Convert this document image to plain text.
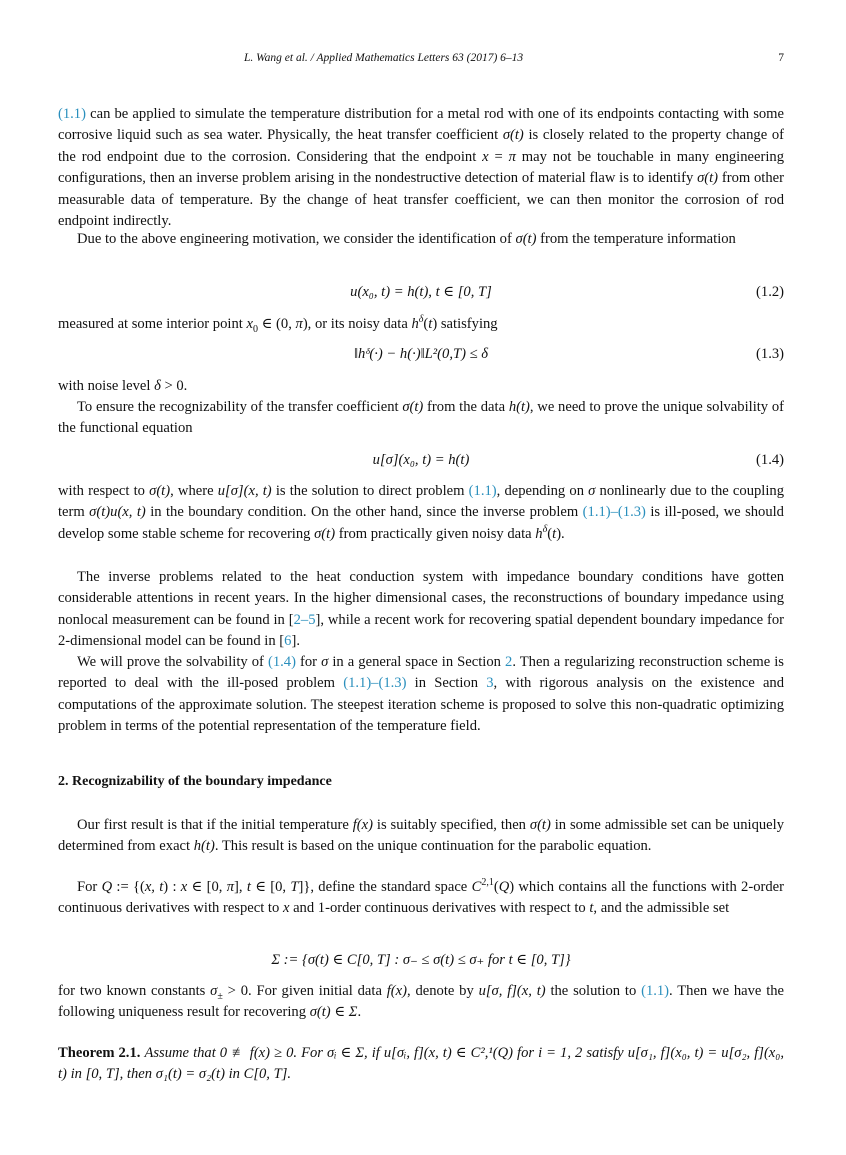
L. Wang et al. / Applied Mathematics Letters 63 (2017) 6–13	7
(1.1) can be applied to simulate the temperature distribution for a metal rod with one of its endpoints contacting with some corrosive liquid such as sea water. Physically, the heat transfer coefficient σ(t) is closely related to the property change of the rod endpoint due to the corrosion. Considering that the endpoint x = π may not be touchable in many engineering configurations, then an inverse problem arising in the nondestructive detection of material flaw is to identify σ(t) from other measurable data of temperature. By the change of heat transfer coefficient, we can then monitor the corrosion of rod endpoint indirectly.
Due to the above engineering motivation, we consider the identification of σ(t) from the temperature information
u(x₀, t) = h(t), t ∈ [0, T]	(1.2)
measured at some interior point $x_0$ ∈ (0, π), or its noisy data $h^\delta(t)$ satisfying
‖hᵟ(·) − h(·)‖L²(0,T) ≤ δ	(1.3)
with noise level δ > 0.
To ensure the recognizability of the transfer coefficient σ(t) from the data h(t), we need to prove the unique solvability of the functional equation
u[σ](x₀, t) = h(t)	(1.4)
with respect to σ(t), where u[σ](x, t) is the solution to direct problem (1.1), depending on σ nonlinearly due to the coupling term σ(t)u(x, t) in the boundary condition. On the other hand, since the inverse problem (1.1)–(1.3) is ill-posed, we should develop some stable scheme for recovering σ(t) from practically given noisy data $h^\delta(t)$.
The inverse problems related to the heat conduction system with impedance boundary conditions have gotten considerable attentions in recent years. In the higher dimensional cases, the reconstructions of boundary impedance using nonlocal measurement can be found in [2–5], while a recent work for recovering spatial dependent boundary impedance for 2-dimensional model can be found in [6].
We will prove the solvability of (1.4) for σ in a general space in Section 2. Then a regularizing reconstruction scheme is reported to deal with the ill-posed problem (1.1)–(1.3) in Section 3, with rigorous analysis on the existence and computations of the approximate solution. The steepest iteration scheme is proposed to solve this non-quadratic optimizing problem in terms of the potential representation of the temperature field.
2. Recognizability of the boundary impedance
Our first result is that if the initial temperature f(x) is suitably specified, then σ(t) in some admissible set can be uniquely determined from exact h(t). This result is based on the unique continuation for the parabolic equation.
For Q := {(x, t) : x ∈ [0, π], t ∈ [0, T]}, define the standard space C$^{2,1}$(Q) which contains all the functions with 2-order continuous derivatives with respect to x and 1-order continuous derivatives with respect to t, and the admissible set
Σ := {σ(t) ∈ C[0, T] : σ₋ ≤ σ(t) ≤ σ₊ for t ∈ [0, T]}
for two known constants $\sigma_\pm > 0$. For given initial data f(x), denote by u[σ, f](x, t) the solution to (1.1). Then we have the following uniqueness result for recovering σ(t) ∈ Σ.
Theorem 2.1. Assume that 0 ≢ f(x) ≥ 0. For σᵢ ∈ Σ, if u[σᵢ, f](x, t) ∈ C²,¹(Q) for i = 1, 2 satisfy u[σ₁, f](x₀, t) = u[σ₂, f](x₀, t) in [0, T], then σ₁(t) = σ₂(t) in C[0, T].
